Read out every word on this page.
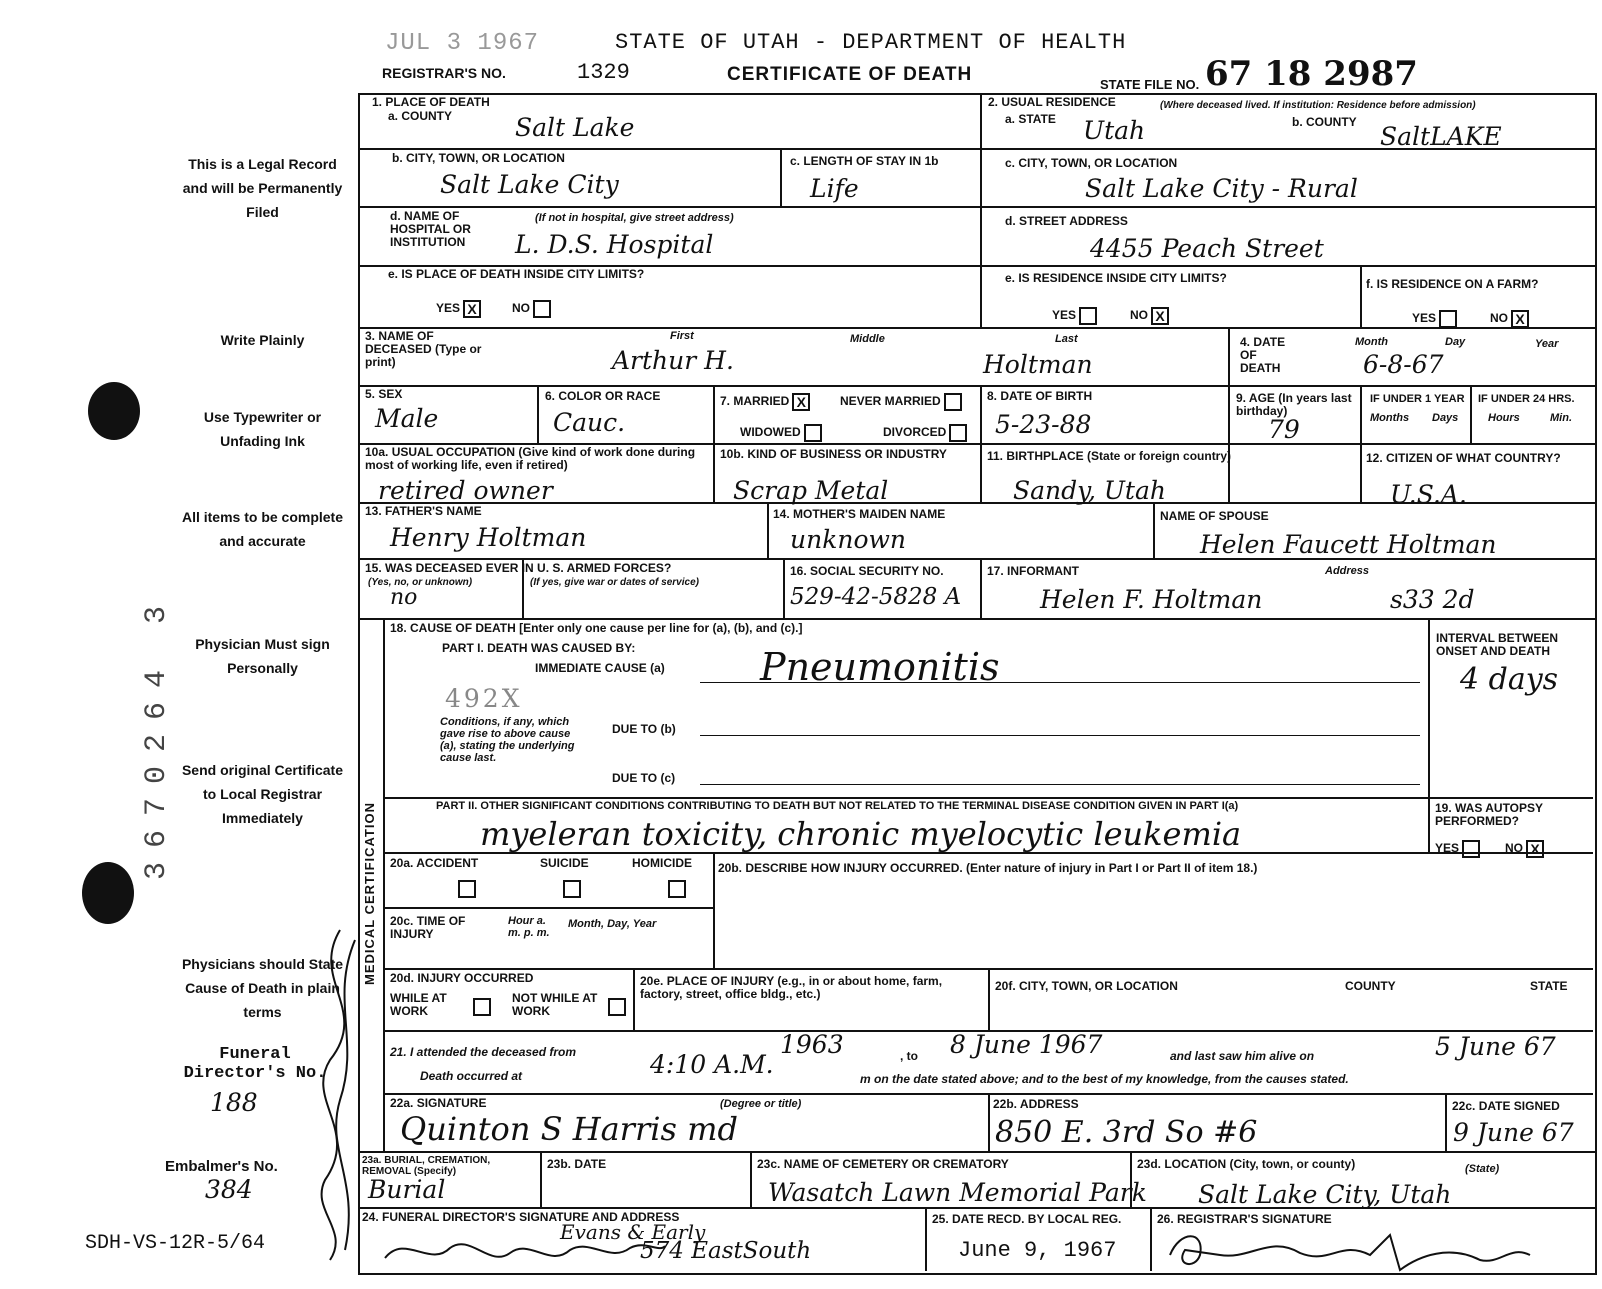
JUL 3 1967	STATE OF UTAH - DEPARTMENT OF HEALTH
REGISTRAR'S NO.	1329	CERTIFICATE OF DEATH	STATE FILE NO. 67 18 2987
This is a Legal Record and will be Permanently Filed
Write Plainly
Use Typewriter or Unfading Ink
All items to be complete and accurate
Physician Must sign Personally
Send original Certificate to Local Registrar Immediately
Physicians should State Cause of Death in plain terms
3670264 3
Funeral Director's No.
188
Embalmer's No.
384
SDH-VS-12R-5/64
1. PLACE OF DEATH
a. COUNTY	Salt Lake
2. USUAL RESIDENCE	(Where deceased lived. If institution: Residence before admission)
a. STATE Utah	b. COUNTY SaltLAKE
b. CITY, TOWN, OR LOCATION
Salt Lake City
c. LENGTH OF STAY IN 1b
Life
c. CITY, TOWN, OR LOCATION
Salt Lake City - Rural
d. NAME OF HOSPITAL OR INSTITUTION
(If not in hospital, give street address)
L. D.S. Hospital
d. STREET ADDRESS
4455 Peach Street
e. IS PLACE OF DEATH INSIDE CITY LIMITS?
YES X	NO
e. IS RESIDENCE INSIDE CITY LIMITS?
YES	NO X
f. IS RESIDENCE ON A FARM?
YES	NO X
3. NAME OF DECEASED (Type or print)
First	Middle	Last
Arthur H.	Holtman
4. DATE OF DEATH
Month	Day	Year
6-8-67
5. SEX
Male
6. COLOR OR RACE
Cauc.
7. MARRIED X	NEVER MARRIED
WIDOWED	DIVORCED
8. DATE OF BIRTH
5-23-88
9. AGE (In years last birthday)
79
IF UNDER 1 YEAR
Months Days
IF UNDER 24 HRS.
Hours	Min.
10a. USUAL OCCUPATION (Give kind of work done during most of working life, even if retired)
retired owner
10b. KIND OF BUSINESS OR INDUSTRY
Scrap Metal
11. BIRTHPLACE (State or foreign country)
Sandy, Utah
12. CITIZEN OF WHAT COUNTRY?
U.S.A.
13. FATHER'S NAME
Henry Holtman
14. MOTHER'S MAIDEN NAME
unknown
NAME OF SPOUSE
Helen Faucett Holtman
15. WAS DECEASED EVER IN U. S. ARMED FORCES?
(Yes, no, or unknown)	(If yes, give war or dates of service)
no
16. SOCIAL SECURITY NO.
529-42-5828 A
17. INFORMANT	Address
Helen F. Holtman	s33 2d
MEDICAL CERTIFICATION
18. CAUSE OF DEATH [Enter only one cause per line for (a), (b), and (c).]
PART I. DEATH WAS CAUSED BY:
IMMEDIATE CAUSE (a)	Pneumonitis
492X
Conditions, if any, which gave rise to above cause (a), stating the underlying cause last.
DUE TO (b)
DUE TO (c)
INTERVAL BETWEEN ONSET AND DEATH
4 days
PART II. OTHER SIGNIFICANT CONDITIONS CONTRIBUTING TO DEATH BUT NOT RELATED TO THE TERMINAL DISEASE CONDITION GIVEN IN PART I(a)
myeleran toxicity, chronic myelocytic leukemia
19. WAS AUTOPSY PERFORMED?
YES	NO X
20a. ACCIDENT	SUICIDE	HOMICIDE 20b. DESCRIBE HOW INJURY OCCURRED. (Enter nature of injury in Part I or Part II of item 18.)
20c. TIME OF INJURY
Hour a. m. p. m.
Month, Day, Year
20d. INJURY OCCURRED
WHILE AT WORK
NOT WHILE AT WORK
20e. PLACE OF INJURY (e.g., in or about home, farm, factory, street, office bldg., etc.)
20f. CITY, TOWN, OR LOCATION	COUNTY	STATE
21. I attended the deceased from	1963	, to 8 June 1967	and last saw him alive on	5 June 67
Death occurred at	4:10 A.M.	m on the date stated above; and to the best of my knowledge, from the causes stated.
22a. SIGNATURE	(Degree or title)
Quinton S Harris md
22b. ADDRESS
850 E. 3rd So #6
22c. DATE SIGNED
9 June 67
23a. BURIAL, CREMATION, REMOVAL (Specify)
Burial
23b. DATE	23c. NAME OF CEMETERY OR CREMATORY
Wasatch Lawn Memorial Park
23d. LOCATION (City, town, or county)	(State)
Salt Lake City, Utah
24. FUNERAL DIRECTOR'S SIGNATURE AND ADDRESS
Evans & Early
574 EastSouth
25. DATE RECD. BY LOCAL REG.
June 9, 1967
26. REGISTRAR'S SIGNATURE
